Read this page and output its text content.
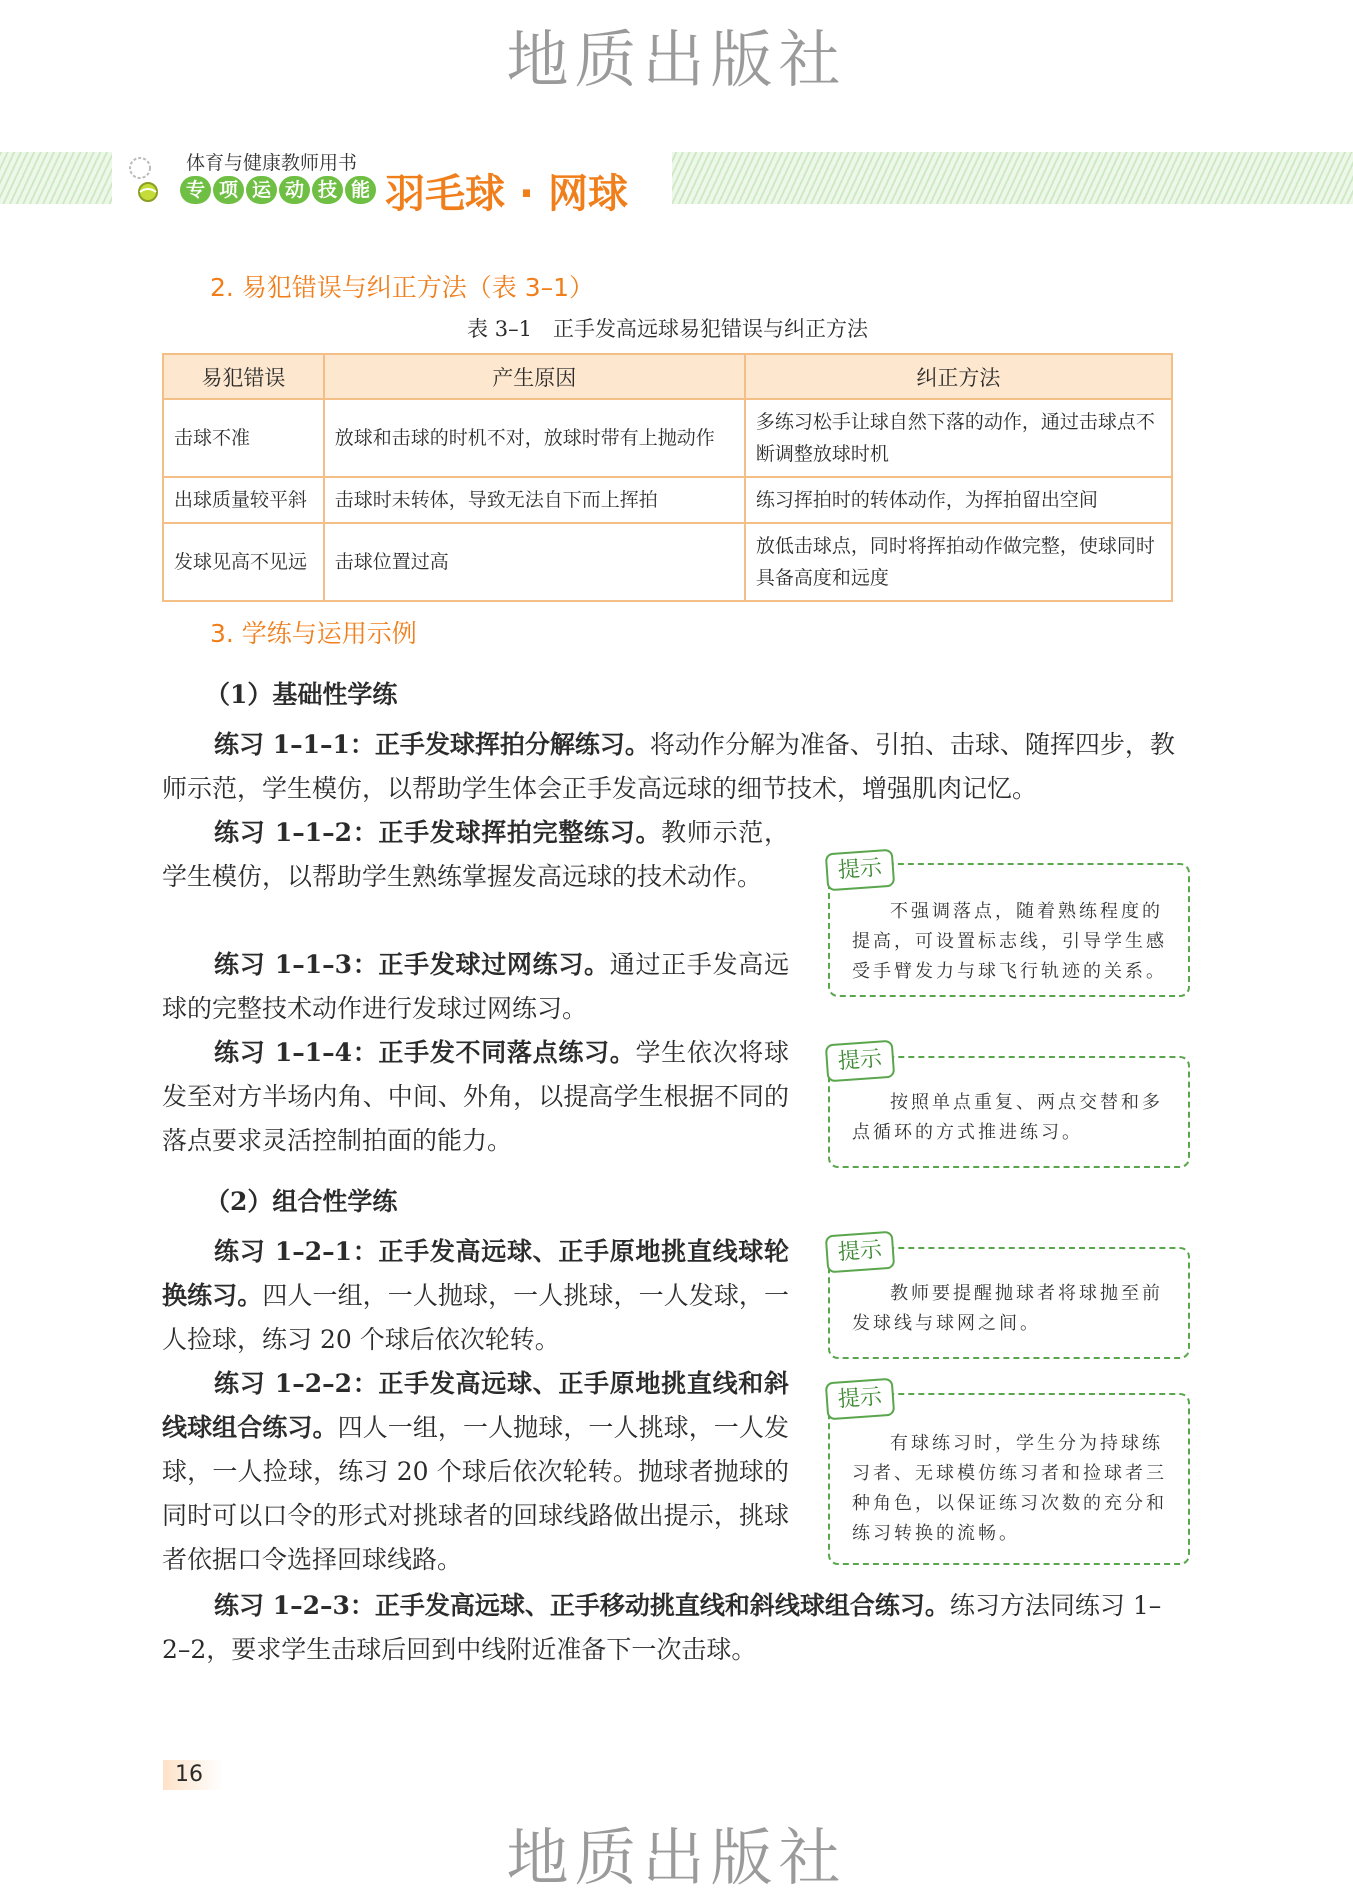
地质出版社
地质出版社
体育与健康教师用书
专 项 运 动 技 能 羽毛球 · 网球
2. 易犯错误与纠正方法（表 3–1）
表 3–1　正手发高远球易犯错误与纠正方法
易犯错误	产生原因	纠正方法
击球不准	放球和击球的时机不对，放球时带有上抛动作	多练习松手让球自然下落的动作，通过击球点不断调整放球时机
出球质量较平斜	击球时未转体，导致无法自下而上挥拍	练习挥拍时的转体动作，为挥拍留出空间
发球见高不见远	击球位置过高	放低击球点，同时将挥拍动作做完整，使球同时具备高度和远度
3. 学练与运用示例
（1）基础性学练
练习 1–1–1：正手发球挥拍分解练习。将动作分解为准备、引拍、击球、随挥四步，教师示范，学生模仿，以帮助学生体会正手发高远球的细节技术，增强肌肉记忆。
练习 1–1–2：正手发球挥拍完整练习。教师示范，学生模仿，以帮助学生熟练掌握发高远球的技术动作。
练习 1–1–3：正手发球过网练习。通过正手发高远球的完整技术动作进行发球过网练习。
练习 1–1–4：正手发不同落点练习。学生依次将球发至对方半场内角、中间、外角，以提高学生根据不同的落点要求灵活控制拍面的能力。
（2）组合性学练
练习 1–2–1：正手发高远球、正手原地挑直线球轮换练习。四人一组，一人抛球，一人挑球，一人发球，一人捡球，练习 20 个球后依次轮转。
练习 1–2–2：正手发高远球、正手原地挑直线和斜线球组合练习。四人一组，一人抛球，一人挑球，一人发球，一人捡球，练习 20 个球后依次轮转。抛球者抛球的同时可以口令的形式对挑球者的回球线路做出提示，挑球者依据口令选择回球线路。
练习 1–2–3：正手发高远球、正手移动挑直线和斜线球组合练习。练习方法同练习 1–2–2，要求学生击球后回到中线附近准备下一次击球。
不强调落点，随着熟练程度的提高，可设置标志线，引导学生感受手臂发力与球飞行轨迹的关系。
提示
按照单点重复、两点交替和多点循环的方式推进练习。
提示
教师要提醒抛球者将球抛至前发球线与球网之间。
提示
有球练习时，学生分为持球练习者、无球模仿练习者和捡球者三种角色，以保证练习次数的充分和练习转换的流畅。
提示
16
